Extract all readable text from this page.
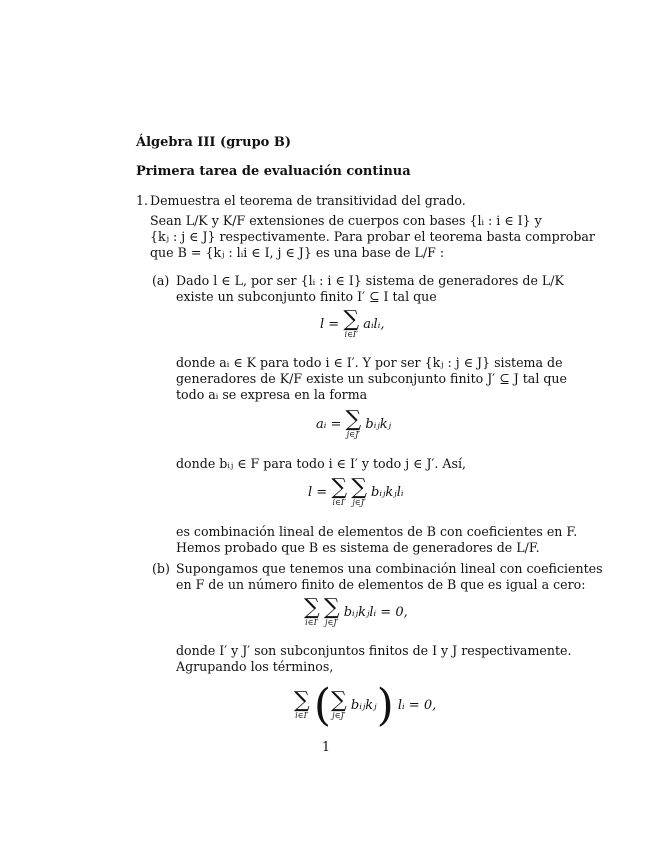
Álgebra III (grupo B)
Primera tarea de evaluación continua
1. Demuestra el teorema de transitividad del grado.
Sean L/K y K/F extensiones de cuerpos con bases {lᵢ : i ∈ I} y
{kⱼ : j ∈ J} respectivamente. Para probar el teorema basta comprobar
que B = {kⱼ : lᵢi ∈ I, j ∈ J} es una base de L/F :
(a) Dado l ∈ L, por ser {lᵢ : i ∈ I} sistema de generadores de L/K
existe un subconjunto finito I′ ⊆ I tal que
l = ∑
i∈I′
aᵢlᵢ,
donde aᵢ ∈ K para todo i ∈ I′. Y por ser {kⱼ : j ∈ J} sistema de
generadores de K/F existe un subconjunto finito J′ ⊆ J tal que
todo aᵢ se expresa en la forma
aᵢ = ∑
j∈J′
bᵢⱼkⱼ
donde bᵢⱼ ∈ F para todo i ∈ I′ y todo j ∈ J′. Así,
l = ∑
i∈I′

∑
j∈J′
bᵢⱼkⱼlᵢ
es combinación lineal de elementos de B con coeficientes en F.
Hemos probado que B es sistema de generadores de L/F.
(b) Supongamos que tenemos una combinación lineal con coeficientes
en F de un número finito de elementos de B que es igual a cero:
∑
i∈I′

∑
j∈J′
bᵢⱼkⱼlᵢ = 0,
donde I′ y J′ son subconjuntos finitos de I y J respectivamente.
Agrupando los términos,
∑
i∈I′ ( ∑
j∈J′
bᵢⱼkⱼ) lᵢ = 0,
1
